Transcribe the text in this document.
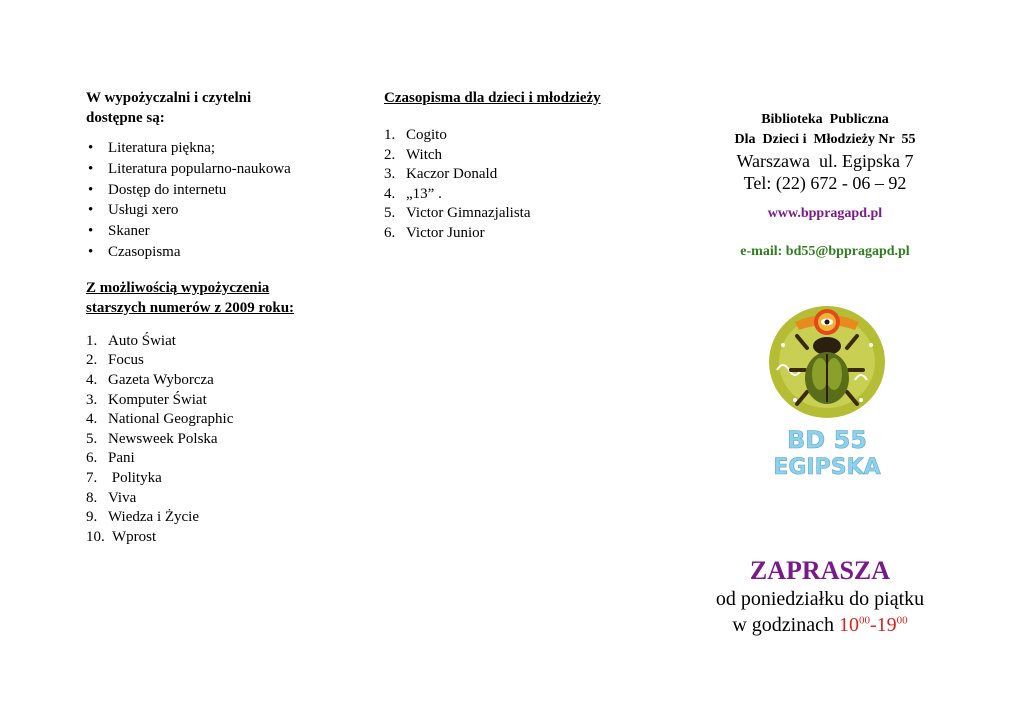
W wypożyczalni i czytelni
dostępne są:

• Literatura piękna;
• Literatura popularno-naukowa
• Dostęp do internetu
• Usługi xero
• Skaner
• Czasopisma

Z możliwością wypożyczenia
starszych numerów z 2009 roku:

1. Auto Świat
2. Focus
4. Gazeta Wyborcza
3. Komputer Świat
4. National Geographic
5. Newsweek Polska
6. Pani
7. Polityka
8. Viva
9. Wiedza i Życie
10. Wprost

Czasopisma dla dzieci i młodzieży

1. Cogito
2. Witch
3. Kaczor Donald
4. „13” .
5. Victor Gimnazjalista
6. Victor Junior
Biblioteka  Publiczna
Dla  Dzieci i  Młodzieży Nr  55
Warszawa  ul. Egipska 7
Tel: (22) 672 - 06 – 92
www.bppragapd.pl
e-mail: bd55@bppragapd.pl
BD 55
EGIPSKA
ZAPRASZA
od poniedziałku do piątku
w godzinach $10^{00}-19^{00}$
